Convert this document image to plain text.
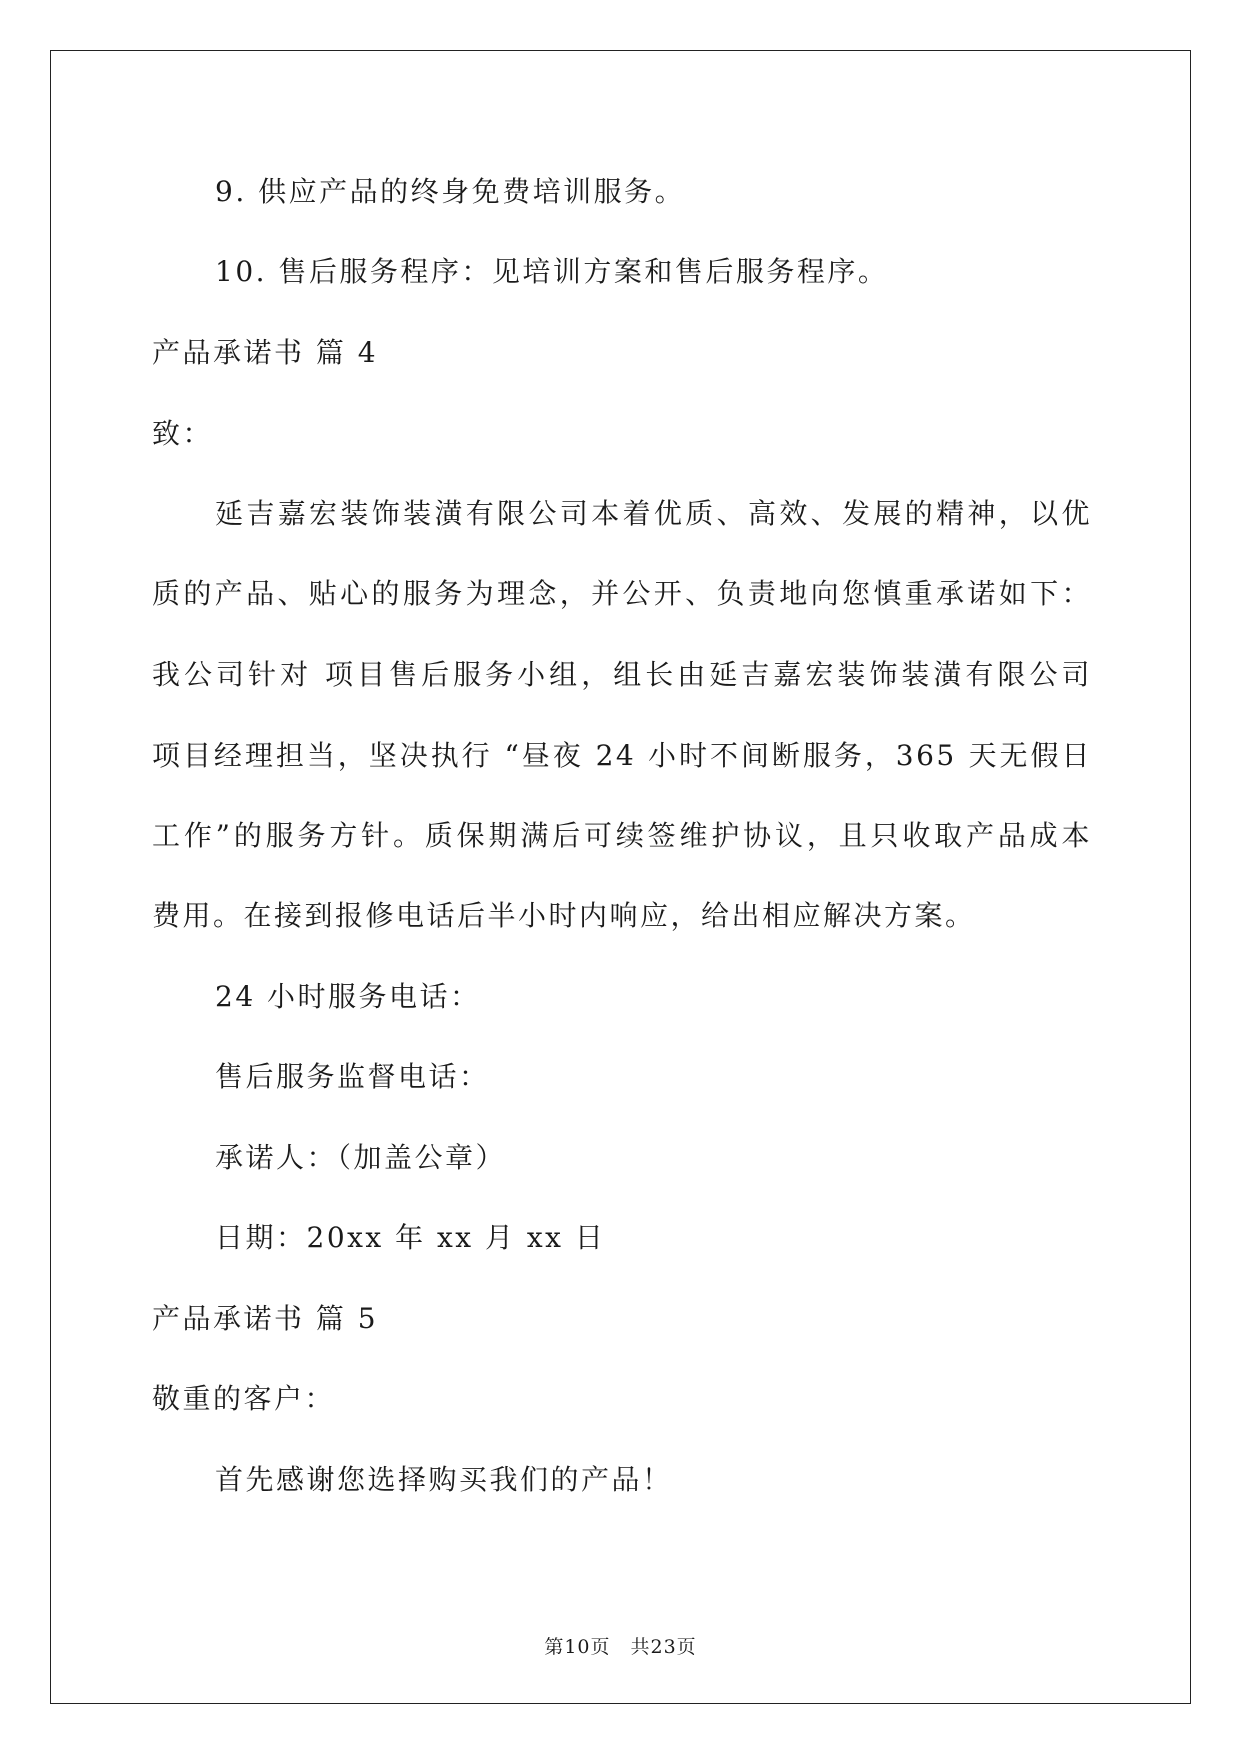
9. 供应产品的终身免费培训服务。
10. 售后服务程序：见培训方案和售后服务程序。
产品承诺书 篇 4
致：
延吉嘉宏装饰装潢有限公司本着优质、高效、发展的精神，以优
质的产品、贴心的服务为理念，并公开、负责地向您慎重承诺如下：
我公司针对 项目售后服务小组，组长由延吉嘉宏装饰装潢有限公司
项目经理担当，坚决执行 “昼夜 24 小时不间断服务，365 天无假日
工作”的服务方针。质保期满后可续签维护协议，且只收取产品成本
费用。在接到报修电话后半小时内响应，给出相应解决方案。
24 小时服务电话：
售后服务监督电话：
承诺人：（加盖公章）
日期：20xx 年 xx 月 xx 日
产品承诺书 篇 5
敬重的客户：
首先感谢您选择购买我们的产品！
第10页 共23页
